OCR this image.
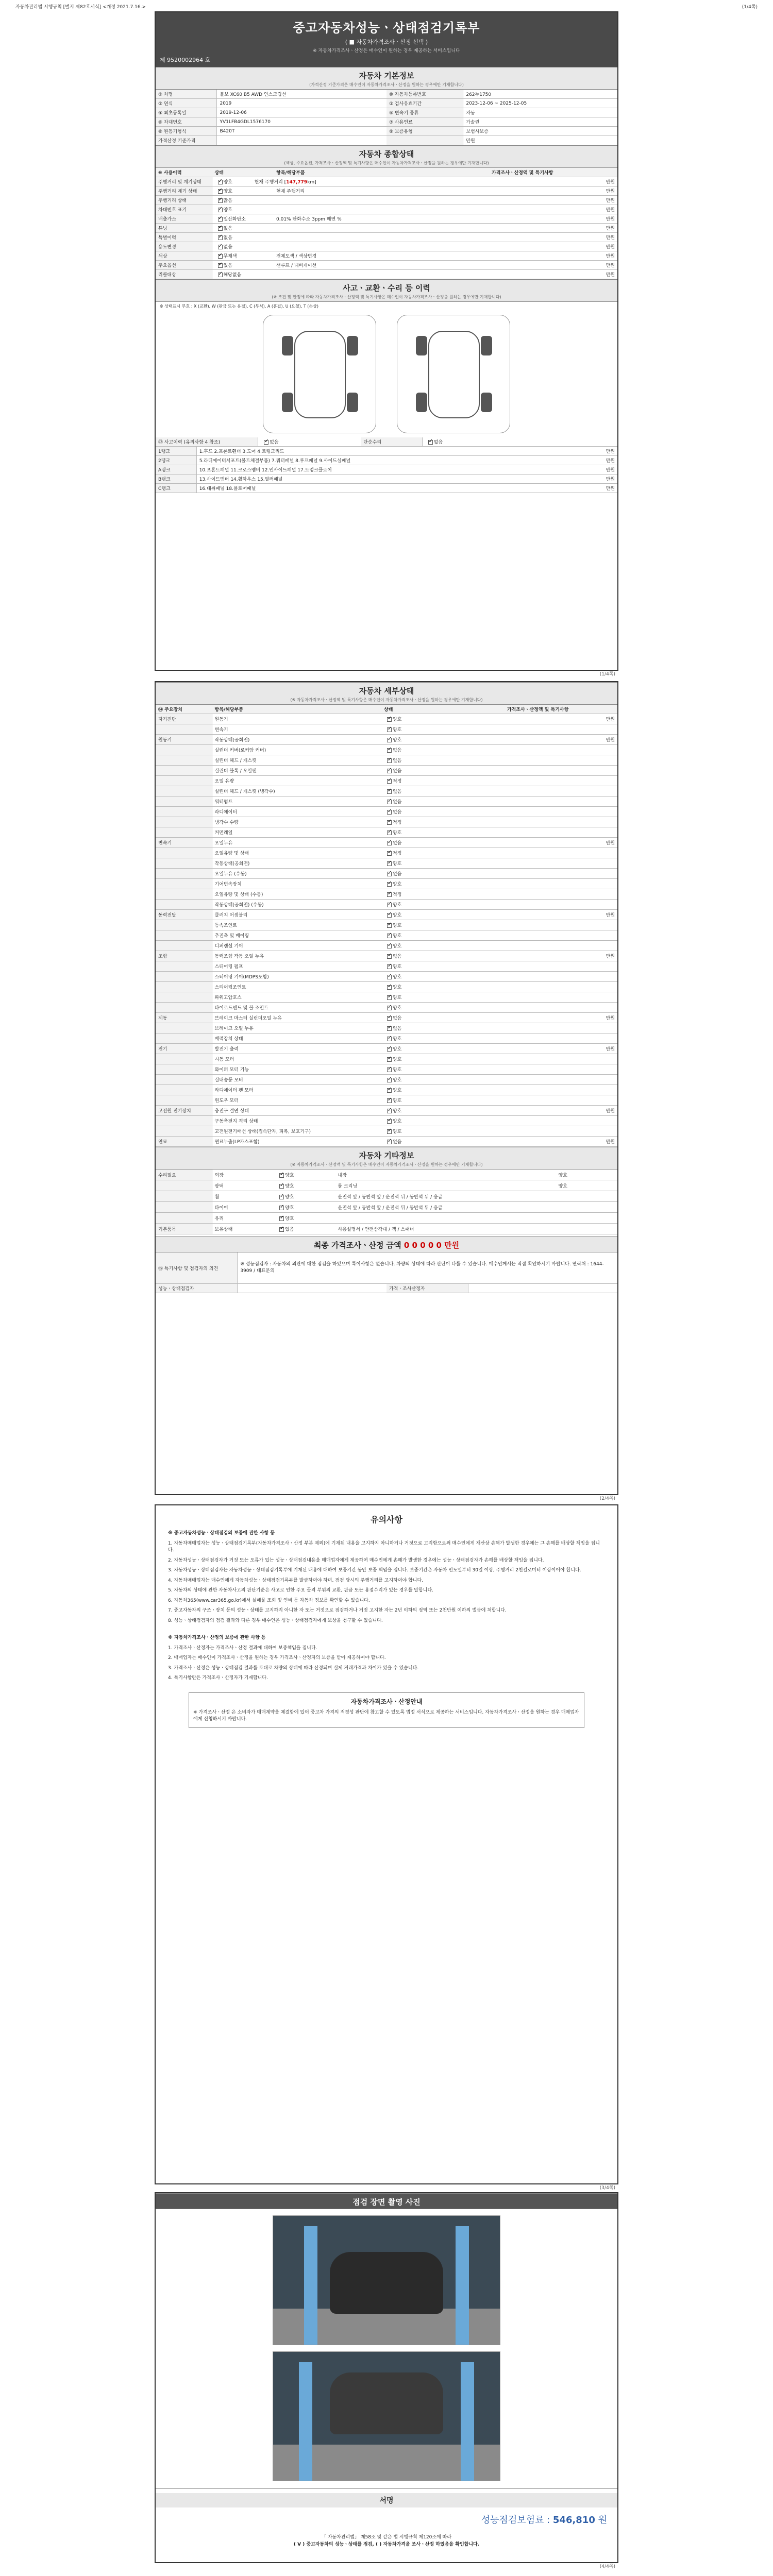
자동차관리법 시행규칙 [별지 제82호서식] <개정 2021.7.16.>	(1/4쪽)
중고자동차성능ㆍ상태점검기록부
( ■ 자동차가격조사ㆍ산정 선택 )
※ 자동차가격조사ㆍ산정은 매수인이 원하는 경우 제공하는 서비스입니다
제 9520002964 호
자동차 기본정보
(가격산정 기준가격은 매수인이 자동차가격조사ㆍ산정을 원하는 경우에만 기재합니다)
① 차명	볼보 XC60 B5 AWD 인스크립션	⑩ 자동차등록번호	262누1750
② 연식	2019	③ 검사유효기간	2023-12-06 ~ 2025-12-05
④ 최초등록일	2019-12-06	⑤ 변속기 종류	자동
⑥ 차대번호	YV1LFB4GDL1576170	⑦ 사용연료	가솔린
⑧ 원동기형식	B420T	⑨ 보증유형	보험사보증
가격산정 기준가격	만원
자동차 종합상태
(색상, 주요옵션, 가격조사ㆍ산정액 및 특기사항은 매수인이 자동차가격조사ㆍ산정을 원하는 경우에만 기재합니다)
⑩ 사용이력	상태	항목/해당부품	가격조사ㆍ산정액 및 특기사항
주행거리 및 계기상태 ✓	양호	현재 주행거리 [147,779km]	만원
주행거리 계기 상태 ✓	양호	현재 주행거리	만원
주행거리 상태 ✓	많음	만원
차대번호 표기 ✓	양호	만원
배출가스 ✓	일산화탄소	0.01% 탄화수소 3ppm 매연 %	만원
튜닝 ✓	없음	만원
특별이력 ✓	없음	만원
용도변경 ✓	없음	만원
색상 ✓	무채색	전체도색 / 색상변경	만원
주요옵션 ✓	있음	선루프 / 내비게이션	만원
리콜대상 ✓	해당없음	만원
사고ㆍ교환ㆍ수리 등 이력
(※ 조건 및 판정에 따라 자동차가격조사ㆍ산정액 및 특기사항은 매수인이 자동차가격조사ㆍ산정을 원하는 경우에만 기재합니다)
※ 상태표시 부호 : X (교환), W (판금 또는 용접), C (부식), A (흠집), U (요철), T (손상)
⑫ 사고이력 (유의사항 4 참조) ✓	없음	단순수리 ✓	없음
1랭크	1.후드 2.프론트휀더 3.도어 4.트렁크리드	만원
2랭크	5.라디에이터서포트(볼트체결부품) 7.쿼터패널 8.루프패널 9.사이드실패널	만원
A랭크	10.프론트패널 11.크로스멤버 12.인사이드패널 17.트렁크플로어	만원
B랭크	13.사이드멤버 14.휠하우스 15.필러패널	만원
C랭크	16.대쉬패널 18.플로어패널	만원
(1/4쪽)
자동차 세부상태
(※ 자동차가격조사ㆍ산정액 및 특기사항은 매수인이 자동차가격조사ㆍ산정을 원하는 경우에만 기재합니다)
⑭ 주요장치	항목/해당부품	상태	가격조사ㆍ산정액 및 특기사항
자기진단	원동기 ✓	양호	만원
변속기 ✓	양호
원동기	작동상태(공회전) ✓	양호	만원
실린더 커버(로커암 커버) ✓	없음
실린더 헤드 / 개스킷 ✓	없음
실린더 블록 / 오일팬 ✓	없음
오일 유량 ✓	적정
실린더 헤드 / 개스킷 (냉각수) ✓	없음
워터펌프 ✓	없음
라디에이터 ✓	없음
냉각수 수량 ✓	적정
커먼레일 ✓	양호
변속기	오일누유 ✓	없음	만원
오일유량 및 상태 ✓	적정
작동상태(공회전) ✓	양호
오일누유 (수동) ✓	없음
기어변속장치 ✓	양호
오일유량 및 상태 (수동) ✓	적정
작동상태(공회전) (수동) ✓	양호
동력전달	클러치 어셈블리 ✓	양호	만원
등속조인트 ✓	양호
추진축 및 베어링 ✓	양호
디퍼렌셜 기어 ✓	양호
조향	동력조향 작동 오일 누유 ✓	없음	만원
스티어링 펌프 ✓	양호
스티어링 기어(MDPS포함) ✓	양호
스티어링조인트 ✓	양호
파워고압호스 ✓	양호
타이로드엔드 및 볼 조인트 ✓	양호
제동	브레이크 마스터 실린더오일 누유 ✓	없음	만원
브레이크 오일 누유 ✓	없음
배력장치 상태 ✓	양호
전기	발전기 출력 ✓	양호	만원
시동 모터 ✓	양호
와이퍼 모터 기능 ✓	양호
실내송풍 모터 ✓	양호
라디에이터 팬 모터 ✓	양호
윈도우 모터 ✓	양호
고전원 전기장치	충전구 절연 상태 ✓	양호	만원
구동축전지 격리 상태 ✓	양호
고전원전기배선 상태(접속단자, 피복, 보호기구) ✓	양호
연료	연료누출(LP가스포함) ✓	없음	만원
자동차 기타정보
(※ 자동차가격조사ㆍ산정액 및 특기사항은 매수인이 자동차가격조사ㆍ산정을 원하는 경우에만 기재합니다)
수리필요	외장 ✓	양호	내장	양호
광택 ✓	양호	룸 크리닝	양호
휠 ✓	양호	운전석 앞 / 동반석 앞 / 운전석 뒤 / 동반석 뒤 / 응급
타이어 ✓	양호	운전석 앞 / 동반석 앞 / 운전석 뒤 / 동반석 뒤 / 응급
유리 ✓	양호
기본품목	보유상태 ✓	있음	사용설명서 / 안전삼각대 / 잭 / 스패너
최종 가격조사ㆍ산정 금액 0 0 0 0 0 만원
⑮ 특기사항 및 점검자의 의견
※ 성능점검자 : 자동차의 외관에 대한 점검을 하였으며 특이사항은 없습니다. 차량의 상태에 따라 판단이 다를 수 있습니다. 매수인께서는 직접 확인하시기 바랍니다. 연락처 : 1644-3909 / 대표문의
성능ㆍ상태점검자	가격ㆍ조사산정자
(2/4쪽)
유의사항

※ 중고자동차성능ㆍ상태점검의 보증에 관한 사항 등

1. 자동차매매업자는 성능ㆍ상태점검기록부(자동차가격조사ㆍ산정 부분 제외)에 기재된 내용을 고지하지 아니하거나 거짓으로 고지함으로써 매수인에게 재산상 손해가 발생한 경우에는 그 손해를 배상할 책임을 집니다.

2. 자동차성능ㆍ상태점검자가 거짓 또는 오류가 있는 성능ㆍ상태점검내용을 매매업자에게 제공하여 매수인에게 손해가 발생한 경우에는 성능ㆍ상태점검자가 손해를 배상할 책임을 집니다.

3. 자동차성능ㆍ상태점검자는 자동차성능ㆍ상태점검기록부에 기재된 내용에 대하여 보증기간 동안 보증 책임을 집니다. 보증기간은 자동차 인도일부터 30일 이상, 주행거리 2천킬로미터 이상이어야 합니다.

4. 자동차매매업자는 매수인에게 자동차성능ㆍ상태점검기록부를 발급하여야 하며, 점검 당시의 주행거리를 고지하여야 합니다.

5. 자동차의 상태에 관한 자동차사고의 판단기준은 사고로 인한 주요 골격 부위의 교환, 판금 또는 용접수리가 있는 경우를 말합니다.

6. 자동차365(www.car365.go.kr)에서 실매물 조회 및 연비 등 자동차 정보를 확인할 수 있습니다.

7. 중고자동차의 구조ㆍ장치 등의 성능ㆍ상태를 고지하지 아니한 자 또는 거짓으로 점검하거나 거짓 고지한 자는 2년 이하의 징역 또는 2천만원 이하의 벌금에 처합니다.

8. 성능ㆍ상태점검자의 점검 결과와 다른 경우 매수인은 성능ㆍ상태점검자에게 보상을 청구할 수 있습니다.

※ 자동차가격조사ㆍ산정의 보증에 관한 사항 등

1. 가격조사ㆍ산정자는 가격조사ㆍ산정 결과에 대하여 보증책임을 집니다.

2. 매매업자는 매수인이 가격조사ㆍ산정을 원하는 경우 가격조사ㆍ산정자의 보증을 받아 제공하여야 합니다.

3. 가격조사ㆍ산정은 성능ㆍ상태점검 결과를 토대로 차량의 상태에 따라 산정되며 실제 거래가격과 차이가 있을 수 있습니다.

4. 특기사항란은 가격조사ㆍ산정자가 기재합니다.

자동차가격조사ㆍ산정안내
※ 가격조사ㆍ산정 은 소비자가 매매계약을 체결함에 있어 중고차 가격의 적정성 판단에 참고할 수 있도록 법정 서식으로 제공하는 서비스입니다. 자동차가격조사ㆍ산정을 원하는 경우 매매업자에게 신청하시기 바랍니다.
(3/4쪽)
점검 장면 촬영 사진
서명
성능점검보험료 : 546,810 원
「 자동차관리법」 제58조 및 같은 법 시행규칙 제120조에 따라
( V ) 중고자동차의 성능ㆍ상태를 점검, ( ) 자동차가격을 조사ㆍ산정 하였음을 확인합니다.
(4/4쪽)
